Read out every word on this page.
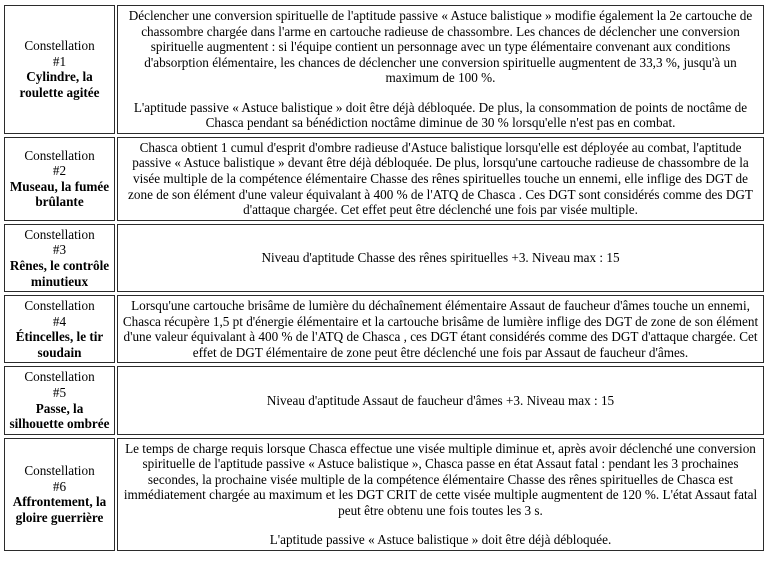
Constellation
#1
Cylindre, la roulette agitée

Déclencher une conversion spirituelle de l'aptitude passive « Astuce balistique » modifie également la 2e cartouche de chassombre chargée dans l'arme en cartouche radieuse de chassombre. Les chances de déclencher une conversion spirituelle augmentent : si l'équipe contient un personnage avec un type élémentaire convenant aux conditions d'absorption élémentaire, les chances de déclencher une conversion spirituelle augmentent de 33,3 %, jusqu'à un maximum de 100 %.

L'aptitude passive « Astuce balistique » doit être déjà débloquée. De plus, la consommation de points de noctâme de Chasca pendant sa bénédiction noctâme diminue de 30 % lorsqu'elle n'est pas en combat.

Constellation
#2
Museau, la fumée brûlante

Chasca obtient 1 cumul d'esprit d'ombre radieuse d'Astuce balistique lorsqu'elle est déployée au combat, l'aptitude passive « Astuce balistique » devant être déjà débloquée. De plus, lorsqu'une cartouche radieuse de chassombre de la visée multiple de la compétence élémentaire Chasse des rênes spirituelles touche un ennemi, elle inflige des DGT de zone de son élément d'une valeur équivalant à 400 % de l'ATQ de Chasca . Ces DGT sont considérés comme des DGT d'attaque chargée. Cet effet peut être déclenché une fois par visée multiple.

Constellation
#3
Rênes, le contrôle minutieux	Niveau d'aptitude Chasse des rênes spirituelles +3. Niveau max : 15

Constellation
#4
Étincelles, le tir soudain

Lorsqu'une cartouche brisâme de lumière du déchaînement élémentaire Assaut de faucheur d'âmes touche un ennemi, Chasca récupère 1,5 pt d'énergie élémentaire et la cartouche brisâme de lumière inflige des DGT de zone de son élément d'une valeur équivalant à 400 % de l'ATQ de Chasca , ces DGT étant considérés comme des DGT d'attaque chargée. Cet effet de DGT élémentaire de zone peut être déclenché une fois par Assaut de faucheur d'âmes.

Constellation
#5
Passe, la silhouette ombrée	Niveau d'aptitude Assaut de faucheur d'âmes +3. Niveau max : 15

Constellation
#6
Affrontement, la gloire guerrière

Le temps de charge requis lorsque Chasca effectue une visée multiple diminue et, après avoir déclenché une conversion spirituelle de l'aptitude passive « Astuce balistique », Chasca passe en état Assaut fatal : pendant les 3 prochaines secondes, la prochaine visée multiple de la compétence élémentaire Chasse des rênes spirituelles de Chasca est immédiatement chargée au maximum et les DGT CRIT de cette visée multiple augmentent de 120 %. L'état Assaut fatal peut être obtenu une fois toutes les 3 s.

L'aptitude passive « Astuce balistique » doit être déjà débloquée.
